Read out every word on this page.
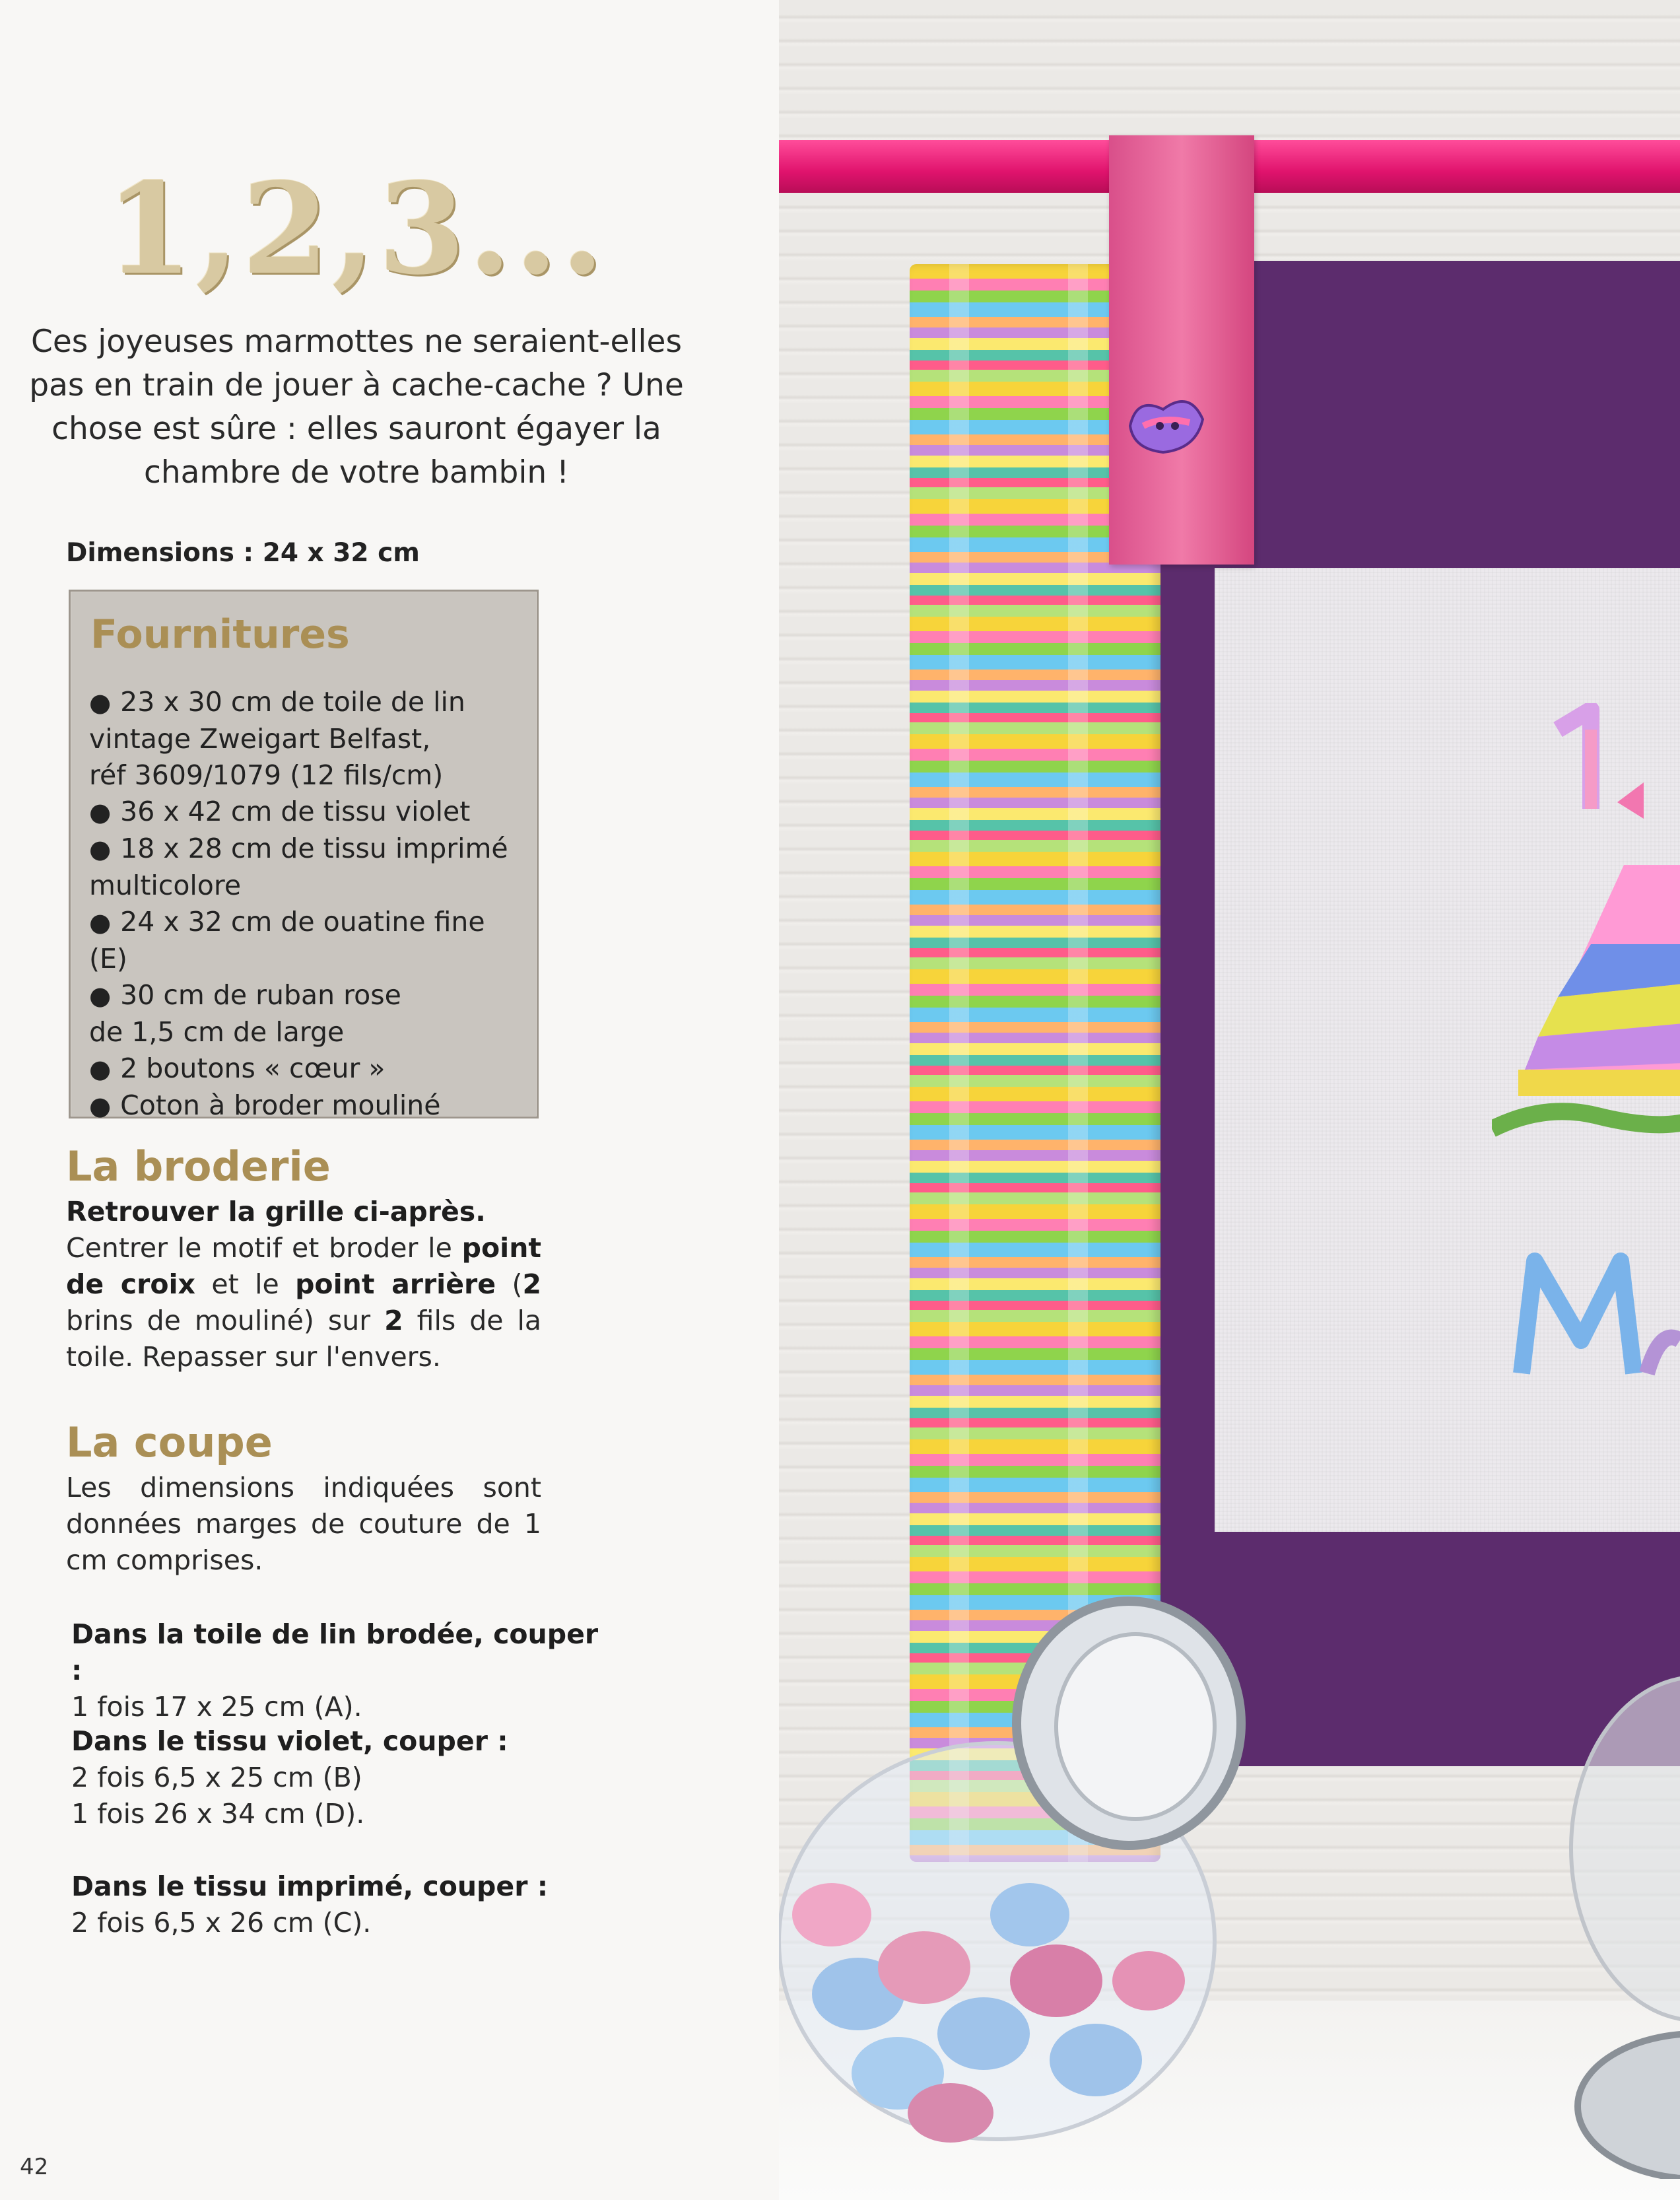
1,2,3...
Ces joyeuses marmottes ne seraient-elles pas en train de jouer à cache-cache ? Une chose est sûre : elles sauront égayer la chambre de votre bambin !
Dimensions : 24 x 32 cm
Fournitures
● 23 x 30 cm de toile de lin
vintage Zweigart Belfast,
réf 3609/1079 (12 fils/cm)
● 36 x 42 cm de tissu violet
● 18 x 28 cm de tissu imprimé
multicolore
● 24 x 32 cm de ouatine fine (E)
● 30 cm de ruban rose
de 1,5 cm de large
● 2 boutons « cœur »
● Coton à broder mouliné
La broderie
Retrouver la grille ci-après.
Centrer le motif et broder le point de croix et le point arrière (2 brins de mouliné) sur 2 fils de la toile. Repasser sur l'envers.
La coupe
Les dimensions indiquées sont données marges de couture de 1 cm comprises.
Dans la toile de lin brodée, couper :
1 fois 17 x 25 cm (A).
Dans le tissu violet, couper :
2 fois 6,5 x 25 cm (B)
1 fois 26 x 34 cm (D).
Dans le tissu imprimé, couper :
2 fois 6,5 x 26 cm (C).
42
